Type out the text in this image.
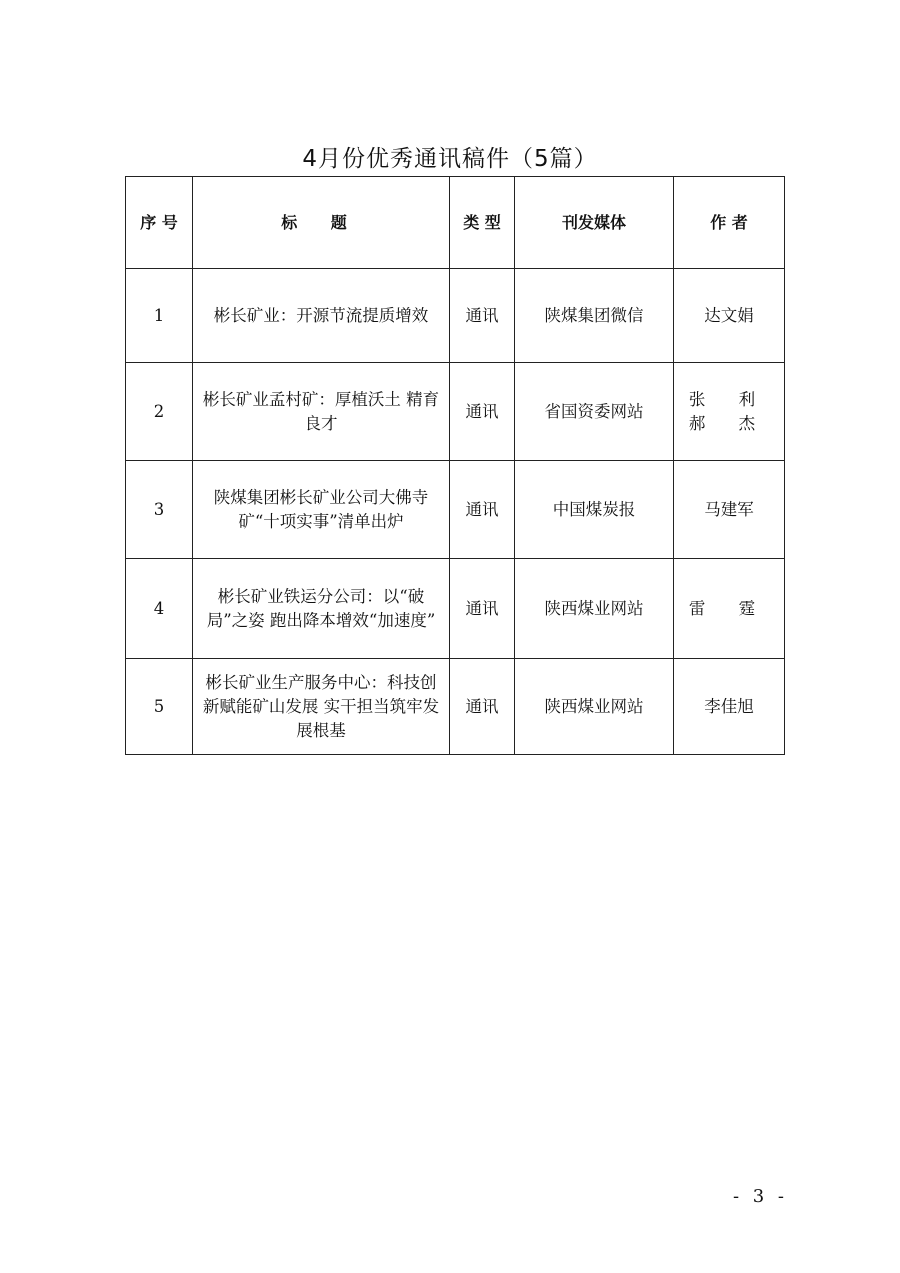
4月份优秀通讯稿件（5篇）
序 号	标 题	类 型	刊发媒体	作 者
1	彬长矿业：开源节流提质增效	通讯	陕煤集团微信	达文娟
2	彬长矿业孟村矿：厚植沃土 精育良才	通讯	省国资委网站	张 利
郝 杰

3	陕煤集团彬长矿业公司大佛寺矿“十项实事”清单出炉	通讯	中国煤炭报	马建军
4	彬长矿业铁运分公司：以“破局”之姿 跑出降本增效“加速度”	通讯	陕西煤业网站	雷 霆
5	彬长矿业生产服务中心：科技创新赋能矿山发展 实干担当筑牢发展根基	通讯	陕西煤业网站	李佳旭
- 3 -
